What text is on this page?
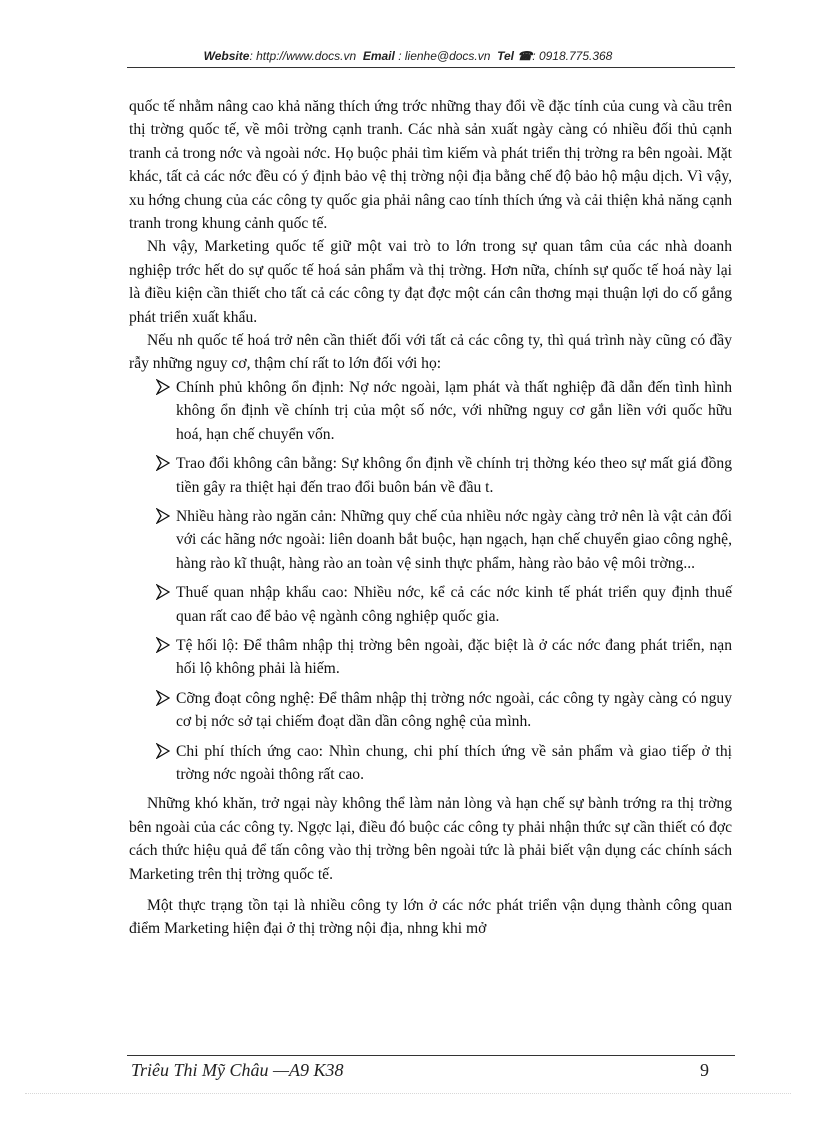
Website: http://www.docs.vn Email : lienhe@docs.vn Tel ☎: 0918.775.368

quốc tế nhằm nâng cao khả năng thích ứng trớc những thay đổi về đặc tính của cung và cầu trên thị trờng quốc tế, về môi trờng cạnh tranh. Các nhà sản xuất ngày càng có nhiều đối thủ cạnh tranh cả trong nớc và ngoài nớc. Họ buộc phải tìm kiếm và phát triển thị trờng ra bên ngoài. Mặt khác, tất cả các nớc đều có ý định bảo vệ thị trờng nội địa bằng chế độ bảo hộ mậu dịch. Vì vậy, xu hớng chung của các công ty quốc gia phải nâng cao tính thích ứng và cải thiện khả năng cạnh tranh trong khung cảnh quốc tế.

Nh vậy, Marketing quốc tế giữ một vai trò to lớn trong sự quan tâm của các nhà doanh nghiệp trớc hết do sự quốc tế hoá sản phẩm và thị trờng. Hơn nữa, chính sự quốc tế hoá này lại là điều kiện cần thiết cho tất cả các công ty đạt đợc một cán cân thơng mại thuận lợi do cố gắng phát triển xuất khẩu.

Nếu nh quốc tế hoá trở nên cần thiết đối với tất cả các công ty, thì quá trình này cũng có đầy rẫy những nguy cơ, thậm chí rất to lớn đối với họ:

Chính phủ không ổn định: Nợ nớc ngoài, lạm phát và thất nghiệp đã dẫn đến tình hình không ổn định về chính trị của một số nớc, với những nguy cơ gắn liền với quốc hữu hoá, hạn chế chuyển vốn.
Trao đổi không cân bằng: Sự không ổn định về chính trị thờng kéo theo sự mất giá đồng tiền gây ra thiệt hại đến trao đổi buôn bán về đầu t.
Nhiều hàng rào ngăn cản: Những quy chế của nhiều nớc ngày càng trở nên là vật cản đối với các hãng nớc ngoài: liên doanh bắt buộc, hạn ngạch, hạn chế chuyển giao công nghệ, hàng rào kĩ thuật, hàng rào an toàn vệ sinh thực phẩm, hàng rào bảo vệ môi trờng...
Thuế quan nhập khẩu cao: Nhiều nớc, kể cả các nớc kinh tế phát triển quy định thuế quan rất cao để bảo vệ ngành công nghiệp quốc gia.
Tệ hối lộ: Để thâm nhập thị trờng bên ngoài, đặc biệt là ở các nớc đang phát triển, nạn hối lộ không phải là hiếm.
Cỡng đoạt công nghệ: Để thâm nhập thị trờng nớc ngoài, các công ty ngày càng có nguy cơ bị nớc sở tại chiếm đoạt dần dần công nghệ của mình.
Chi phí thích ứng cao: Nhìn chung, chi phí thích ứng về sản phẩm và giao tiếp ở thị trờng nớc ngoài thông rất cao.

Những khó khăn, trở ngại này không thể làm nản lòng và hạn chế sự bành trớng ra thị trờng bên ngoài của các công ty. Ngợc lại, điều đó buộc các công ty phải nhận thức sự cần thiết có đợc cách thức hiệu quả để tấn công vào thị trờng bên ngoài tức là phải biết vận dụng các chính sách Marketing trên thị trờng quốc tế.

Một thực trạng tồn tại là nhiều công ty lớn ở các nớc phát triển vận dụng thành công quan điểm Marketing hiện đại ở thị trờng nội địa, nhng khi mở

Triêu Thi Mỹ Châu —A9 K38	9
